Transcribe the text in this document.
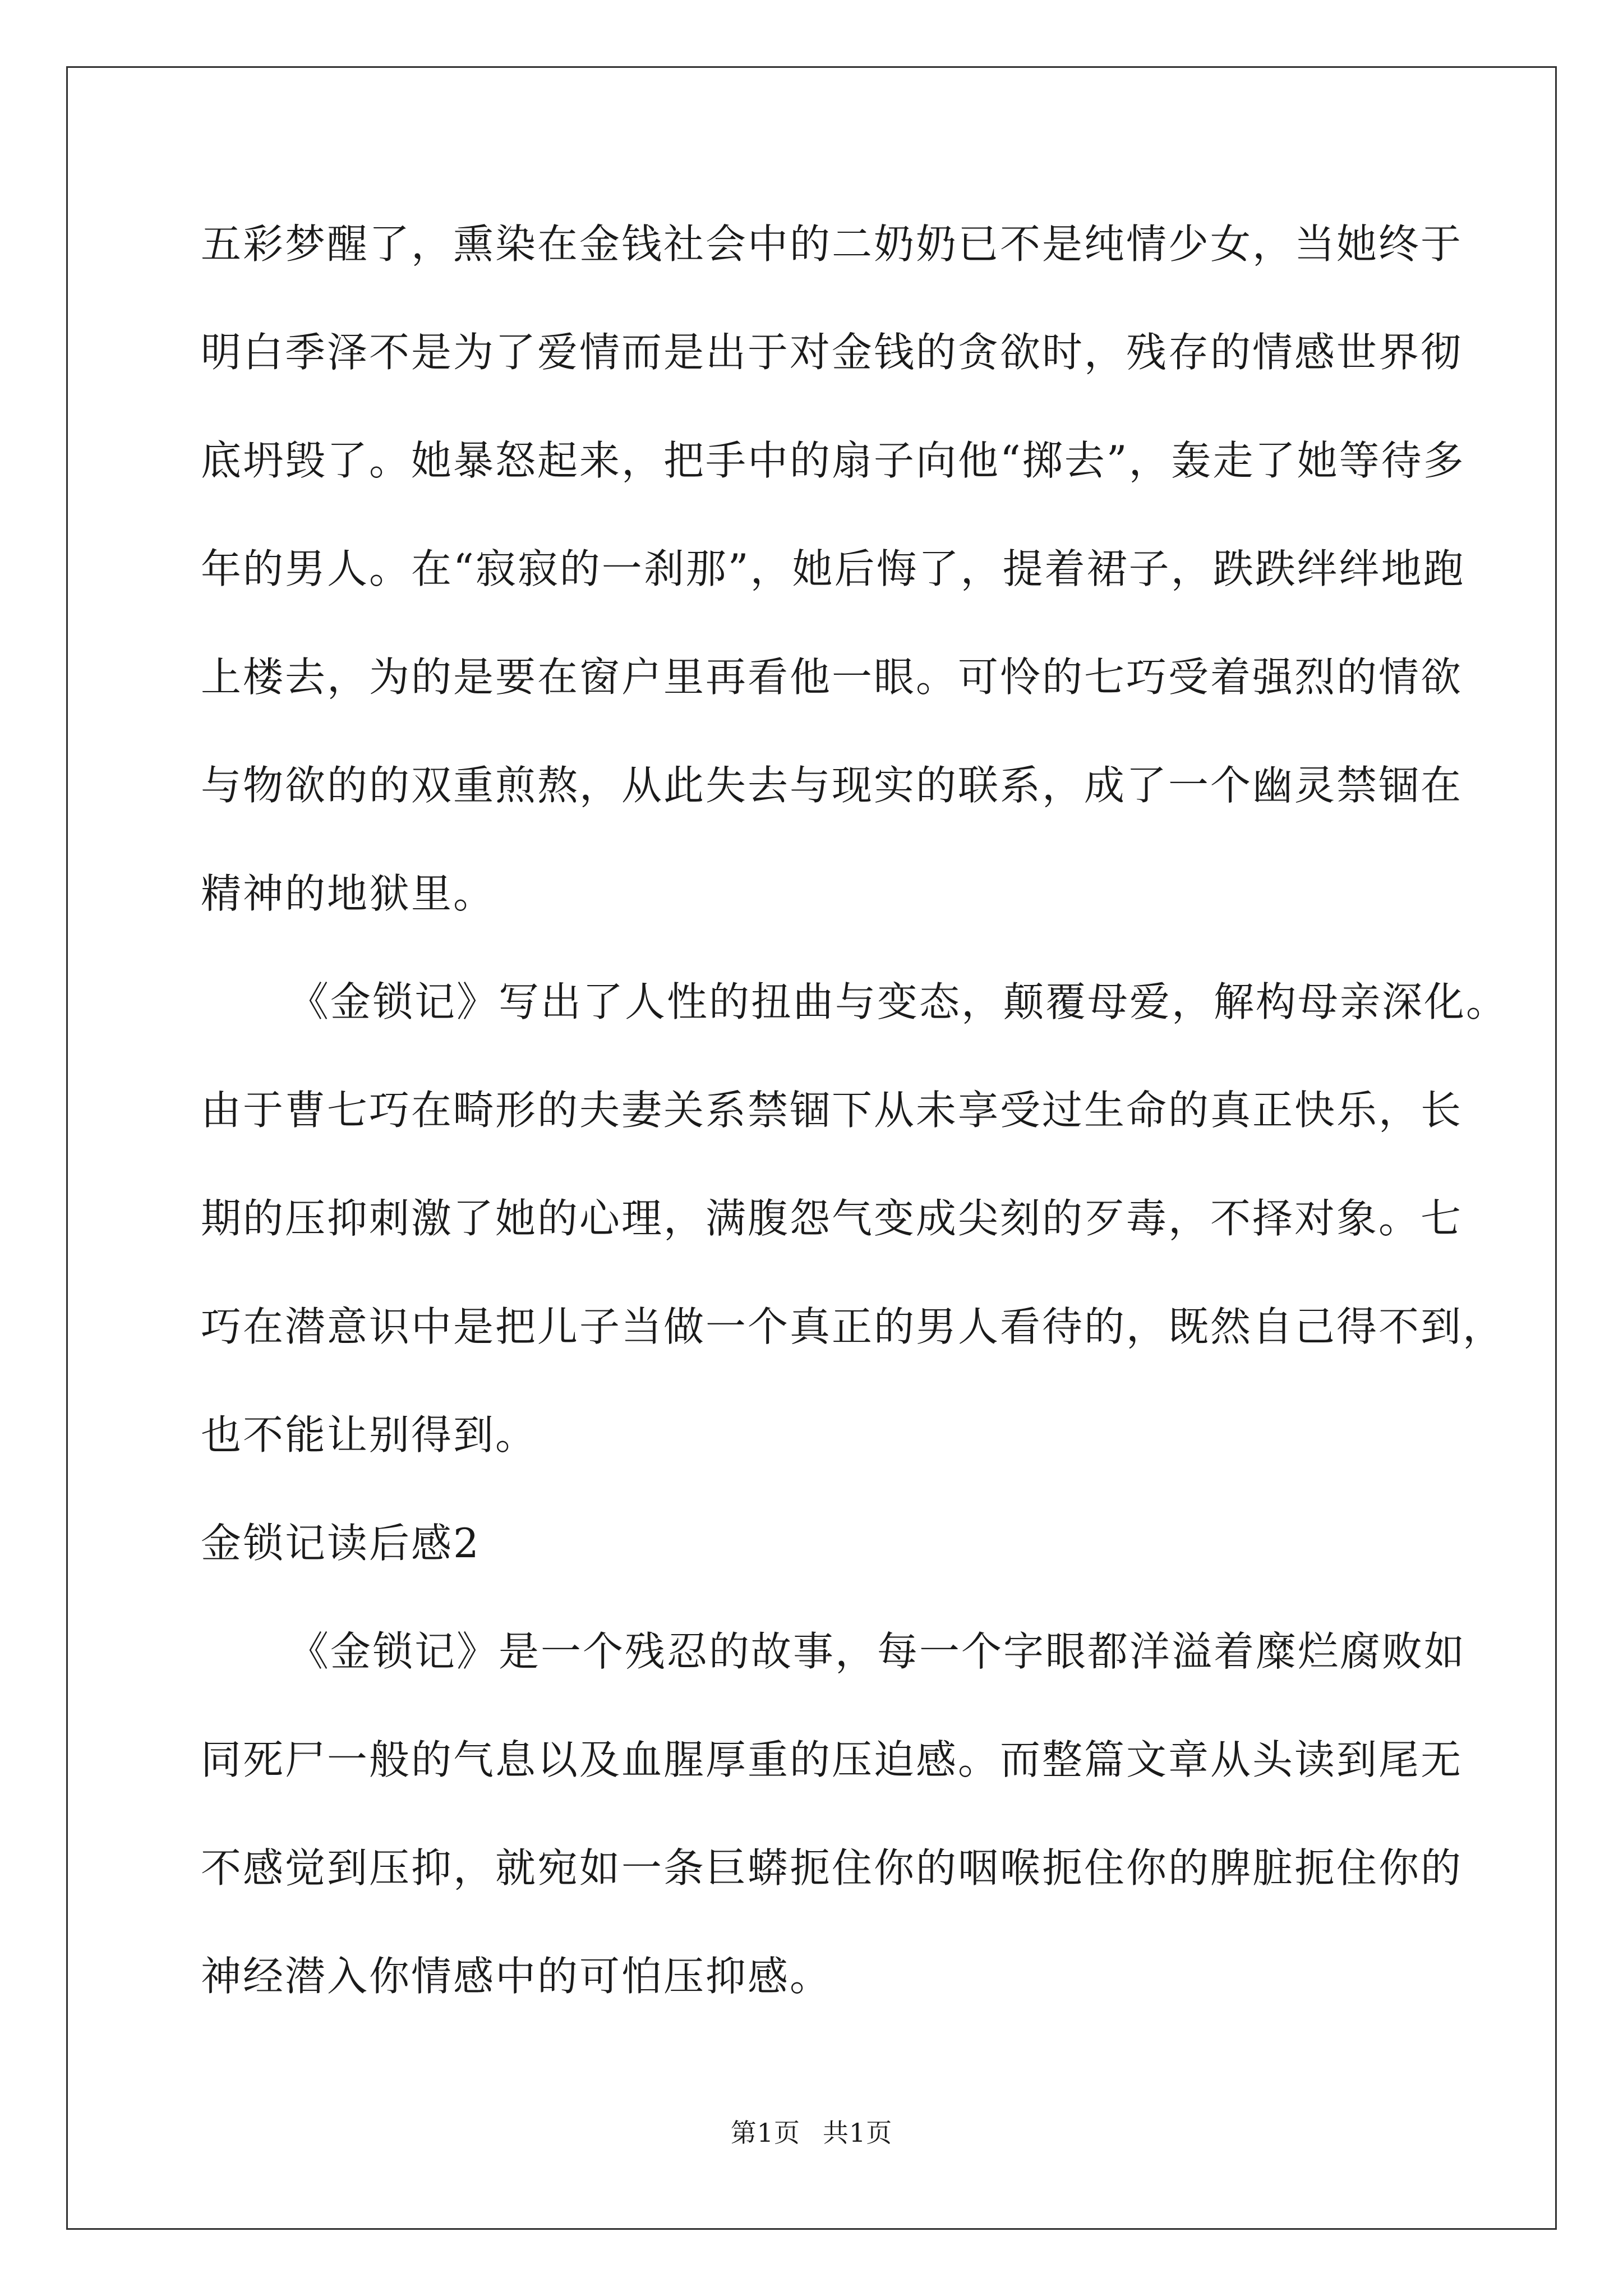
五彩梦醒了，熏染在金钱社会中的二奶奶已不是纯情少女，当她终于
明白季泽不是为了爱情而是出于对金钱的贪欲时，残存的情感世界彻
底坍毁了。她暴怒起来，把手中的扇子向他“掷去”，轰走了她等待多
年的男人。在“寂寂的一刹那”，她后悔了，提着裙子，跌跌绊绊地跑
上楼去，为的是要在窗户里再看他一眼。可怜的七巧受着强烈的情欲
与物欲的的双重煎熬，从此失去与现实的联系，成了一个幽灵禁锢在
精神的地狱里。
《金锁记》写出了人性的扭曲与变态，颠覆母爱，解构母亲深化。
由于曹七巧在畸形的夫妻关系禁锢下从未享受过生命的真正快乐，长
期的压抑刺激了她的心理，满腹怨气变成尖刻的歹毒，不择对象。七
巧在潜意识中是把儿子当做一个真正的男人看待的，既然自己得不到，
也不能让别得到。
金锁记读后感2
《金锁记》是一个残忍的故事，每一个字眼都洋溢着糜烂腐败如
同死尸一般的气息以及血腥厚重的压迫感。而整篇文章从头读到尾无
不感觉到压抑，就宛如一条巨蟒扼住你的咽喉扼住你的脾脏扼住你的
神经潜入你情感中的可怕压抑感。
第1页 共1页
